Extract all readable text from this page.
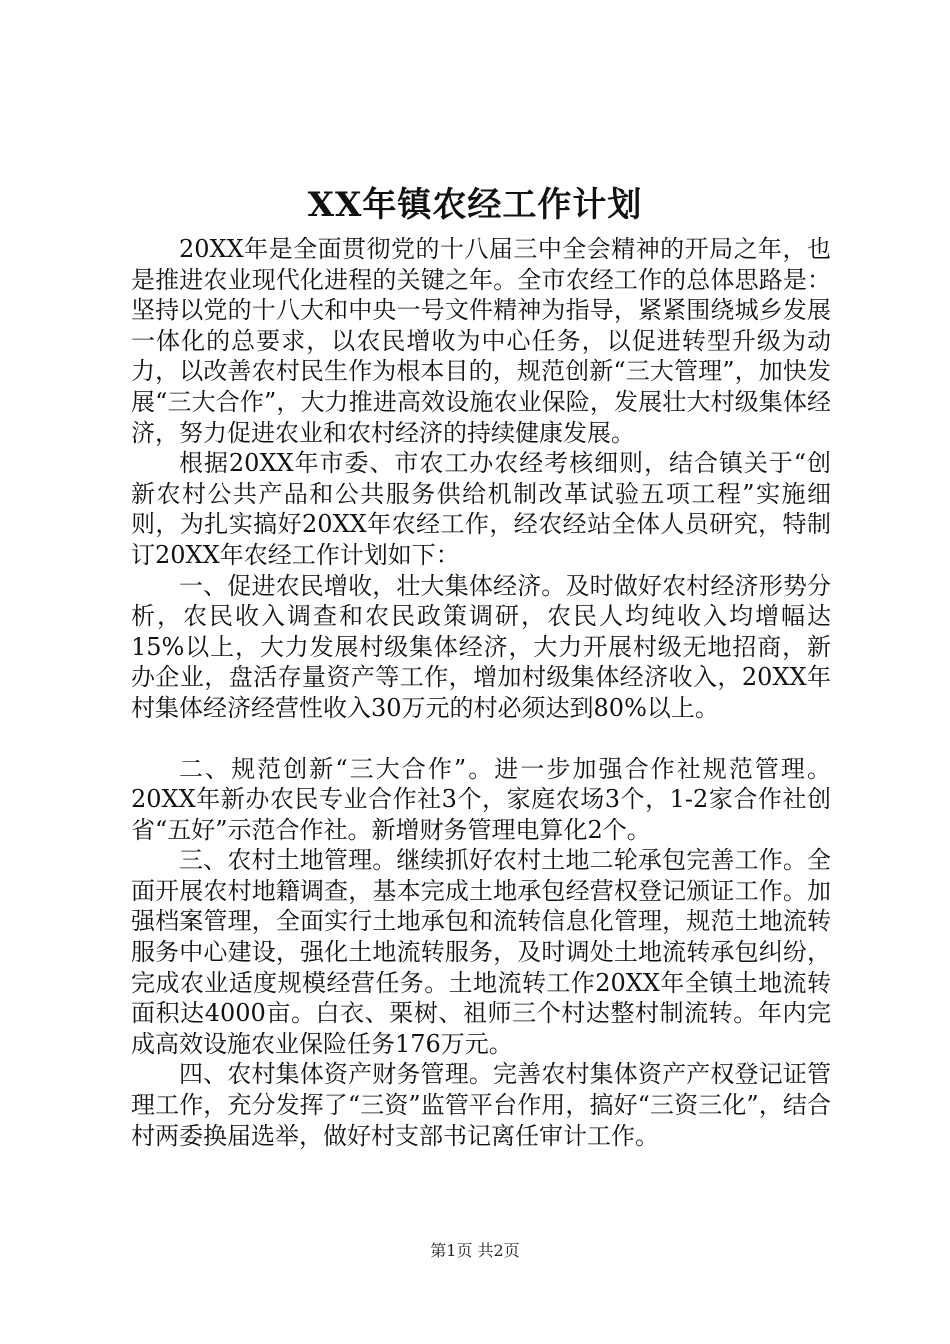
XX年镇农经工作计划

20XX年是全面贯彻党的十八届三中全会精神的开局之年，也是推进农业现代化进程的关键之年。全市农经工作的总体思路是：坚持以党的十八大和中央一号文件精神为指导，紧紧围绕城乡发展一体化的总要求，以农民增收为中心任务，以促进转型升级为动力，以改善农村民生作为根本目的，规范创新“三大管理”，加快发展“三大合作”，大力推进高效设施农业保险，发展壮大村级集体经济，努力促进农业和农村经济的持续健康发展。

根据20XX年市委、市农工办农经考核细则，结合镇关于“创新农村公共产品和公共服务供给机制改革试验五项工程”实施细则，为扎实搞好20XX年农经工作，经农经站全体人员研究，特制订20XX年农经工作计划如下：

一、促进农民增收，壮大集体经济。及时做好农村经济形势分析，农民收入调查和农民政策调研，农民人均纯收入均增幅达15%以上，大力发展村级集体经济，大力开展村级无地招商，新办企业，盘活存量资产等工作，增加村级集体经济收入，20XX年村集体经济经营性收入30万元的村必须达到80%以上。

二、规范创新“三大合作”。进一步加强合作社规范管理。20XX年新办农民专业合作社3个，家庭农场3个，1-2家合作社创省“五好”示范合作社。新增财务管理电算化2个。

三、农村土地管理。继续抓好农村土地二轮承包完善工作。全面开展农村地籍调查，基本完成土地承包经营权登记颁证工作。加强档案管理，全面实行土地承包和流转信息化管理，规范土地流转服务中心建设，强化土地流转服务，及时调处土地流转承包纠纷，完成农业适度规模经营任务。土地流转工作20XX年全镇土地流转面积达4000亩。白衣、栗树、祖师三个村达整村制流转。年内完成高效设施农业保险任务176万元。

四、农村集体资产财务管理。完善农村集体资产产权登记证管理工作，充分发挥了“三资”监管平台作用，搞好“三资三化”，结合村两委换届选举，做好村支部书记离任审计工作。

第1页 共2页
